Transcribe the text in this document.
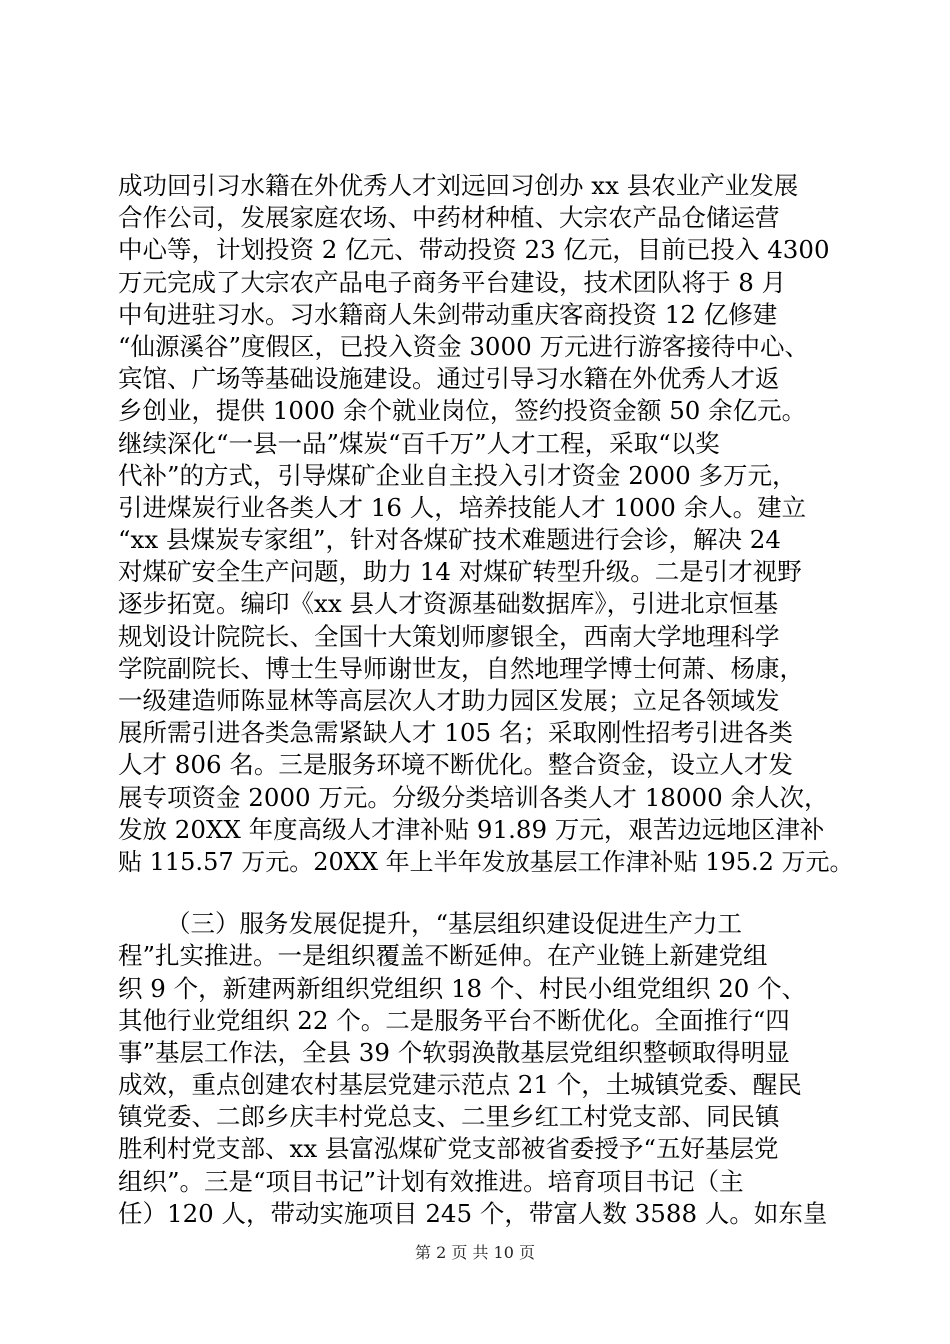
成功回引习水籍在外优秀人才刘远回习创办 xx 县农业产业发展
合作公司，发展家庭农场、中药材种植、大宗农产品仓储运营
中心等，计划投资 2 亿元、带动投资 23 亿元，目前已投入 4300
万元完成了大宗农产品电子商务平台建设，技术团队将于 8 月
中旬进驻习水。习水籍商人朱剑带动重庆客商投资 12 亿修建
“仙源溪谷”度假区，已投入资金 3000 万元进行游客接待中心、
宾馆、广场等基础设施建设。通过引导习水籍在外优秀人才返
乡创业，提供 1000 余个就业岗位，签约投资金额 50 余亿元。
继续深化“一县一品”煤炭“百千万”人才工程，采取“以奖
代补”的方式，引导煤矿企业自主投入引才资金 2000 多万元，
引进煤炭行业各类人才 16 人，培养技能人才 1000 余人。建立
“xx 县煤炭专家组”，针对各煤矿技术难题进行会诊，解决 24
对煤矿安全生产问题，助力 14 对煤矿转型升级。二是引才视野
逐步拓宽。编印《xx 县人才资源基础数据库》，引进北京恒基
规划设计院院长、全国十大策划师廖银全，西南大学地理科学
学院副院长、博士生导师谢世友，自然地理学博士何萧、杨康，
一级建造师陈显林等高层次人才助力园区发展；立足各领域发
展所需引进各类急需紧缺人才 105 名；采取刚性招考引进各类
人才 806 名。三是服务环境不断优化。整合资金，设立人才发
展专项资金 2000 万元。分级分类培训各类人才 18000 余人次，
发放 20XX 年度高级人才津补贴 91.89 万元，艰苦边远地区津补
贴 115.57 万元。20XX 年上半年发放基层工作津补贴 195.2 万元。
（三）服务发展促提升，“基层组织建设促进生产力工
程”扎实推进。一是组织覆盖不断延伸。在产业链上新建党组
织 9 个，新建两新组织党组织 18 个、村民小组党组织 20 个、
其他行业党组织 22 个。二是服务平台不断优化。全面推行“四
事”基层工作法，全县 39 个软弱涣散基层党组织整顿取得明显
成效，重点创建农村基层党建示范点 21 个，土城镇党委、醒民
镇党委、二郎乡庆丰村党总支、二里乡红工村党支部、同民镇
胜利村党支部、xx 县富泓煤矿党支部被省委授予“五好基层党
组织”。三是“项目书记”计划有效推进。培育项目书记（主
任）120 人，带动实施项目 245 个，带富人数 3588 人。如东皇
第 2 页 共 10 页
